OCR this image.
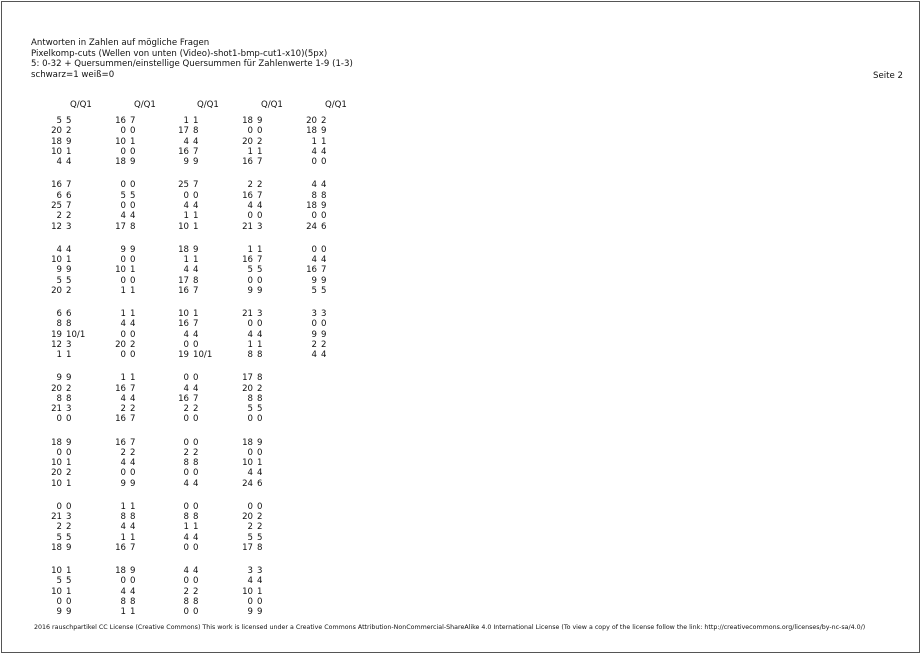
Antworten in Zahlen auf mögliche Fragen
Pixelkomp-cuts (Wellen von unten (Video)-shot1-bmp-cut1-x10)(5px)
5: 0-32 + Quersummen/einstellige Quersummen für Zahlenwerte 1-9 (1-3)
schwarz=1 weiß=0	Seite 2
Q/Q1
5 5
20 2
18 9
10 1
4 4
16 7
6 6
25 7
2 2
12 3
4 4
10 1
9 9
5 5
20 2
6 6
8 8
19 10/1
12 3
1 1
9 9
20 2
8 8
21 3
0 0
18 9
0 0
10 1
20 2
10 1
0 0
21 3
2 2
5 5
18 9
10 1
5 5
10 1
0 0
9 9
Q/Q1
16 7
0 0
10 1
0 0
18 9
0 0
5 5
0 0
4 4
17 8
9 9
0 0
10 1
0 0
1 1
1 1
4 4
0 0
20 2
0 0
1 1
16 7
4 4
2 2
16 7
16 7
2 2
4 4
0 0
9 9
1 1
8 8
4 4
1 1
16 7
18 9
0 0
4 4
8 8
1 1
Q/Q1
1 1
17 8
4 4
16 7
9 9
25 7
0 0
4 4
1 1
10 1
18 9
1 1
4 4
17 8
16 7
10 1
16 7
4 4
0 0
19 10/1
0 0
4 4
16 7
2 2
0 0
0 0
2 2
8 8
0 0
4 4
0 0
8 8
1 1
4 4
0 0
4 4
0 0
2 2
8 8
0 0
Q/Q1
18 9
0 0
20 2
1 1
16 7
2 2
16 7
4 4
0 0
21 3
1 1
16 7
5 5
0 0
9 9
21 3
0 0
4 4
1 1
8 8
17 8
20 2
8 8
5 5
0 0
18 9
0 0
10 1
4 4
24 6
0 0
20 2
2 2
5 5
17 8
3 3
4 4
10 1
0 0
9 9
Q/Q1
20 2
18 9
1 1
4 4
0 0
4 4
8 8
18 9
0 0
24 6
0 0
4 4
16 7
9 9
5 5
3 3
0 0
9 9
2 2
4 4
2016 rauschpartikel CC License (Creative Commons) This work is licensed under a Creative Commons Attribution-NonCommercial-ShareAlike 4.0 International License (To view a copy of the license follow the link: http://creativecommons.org/licenses/by-nc-sa/4.0/)
